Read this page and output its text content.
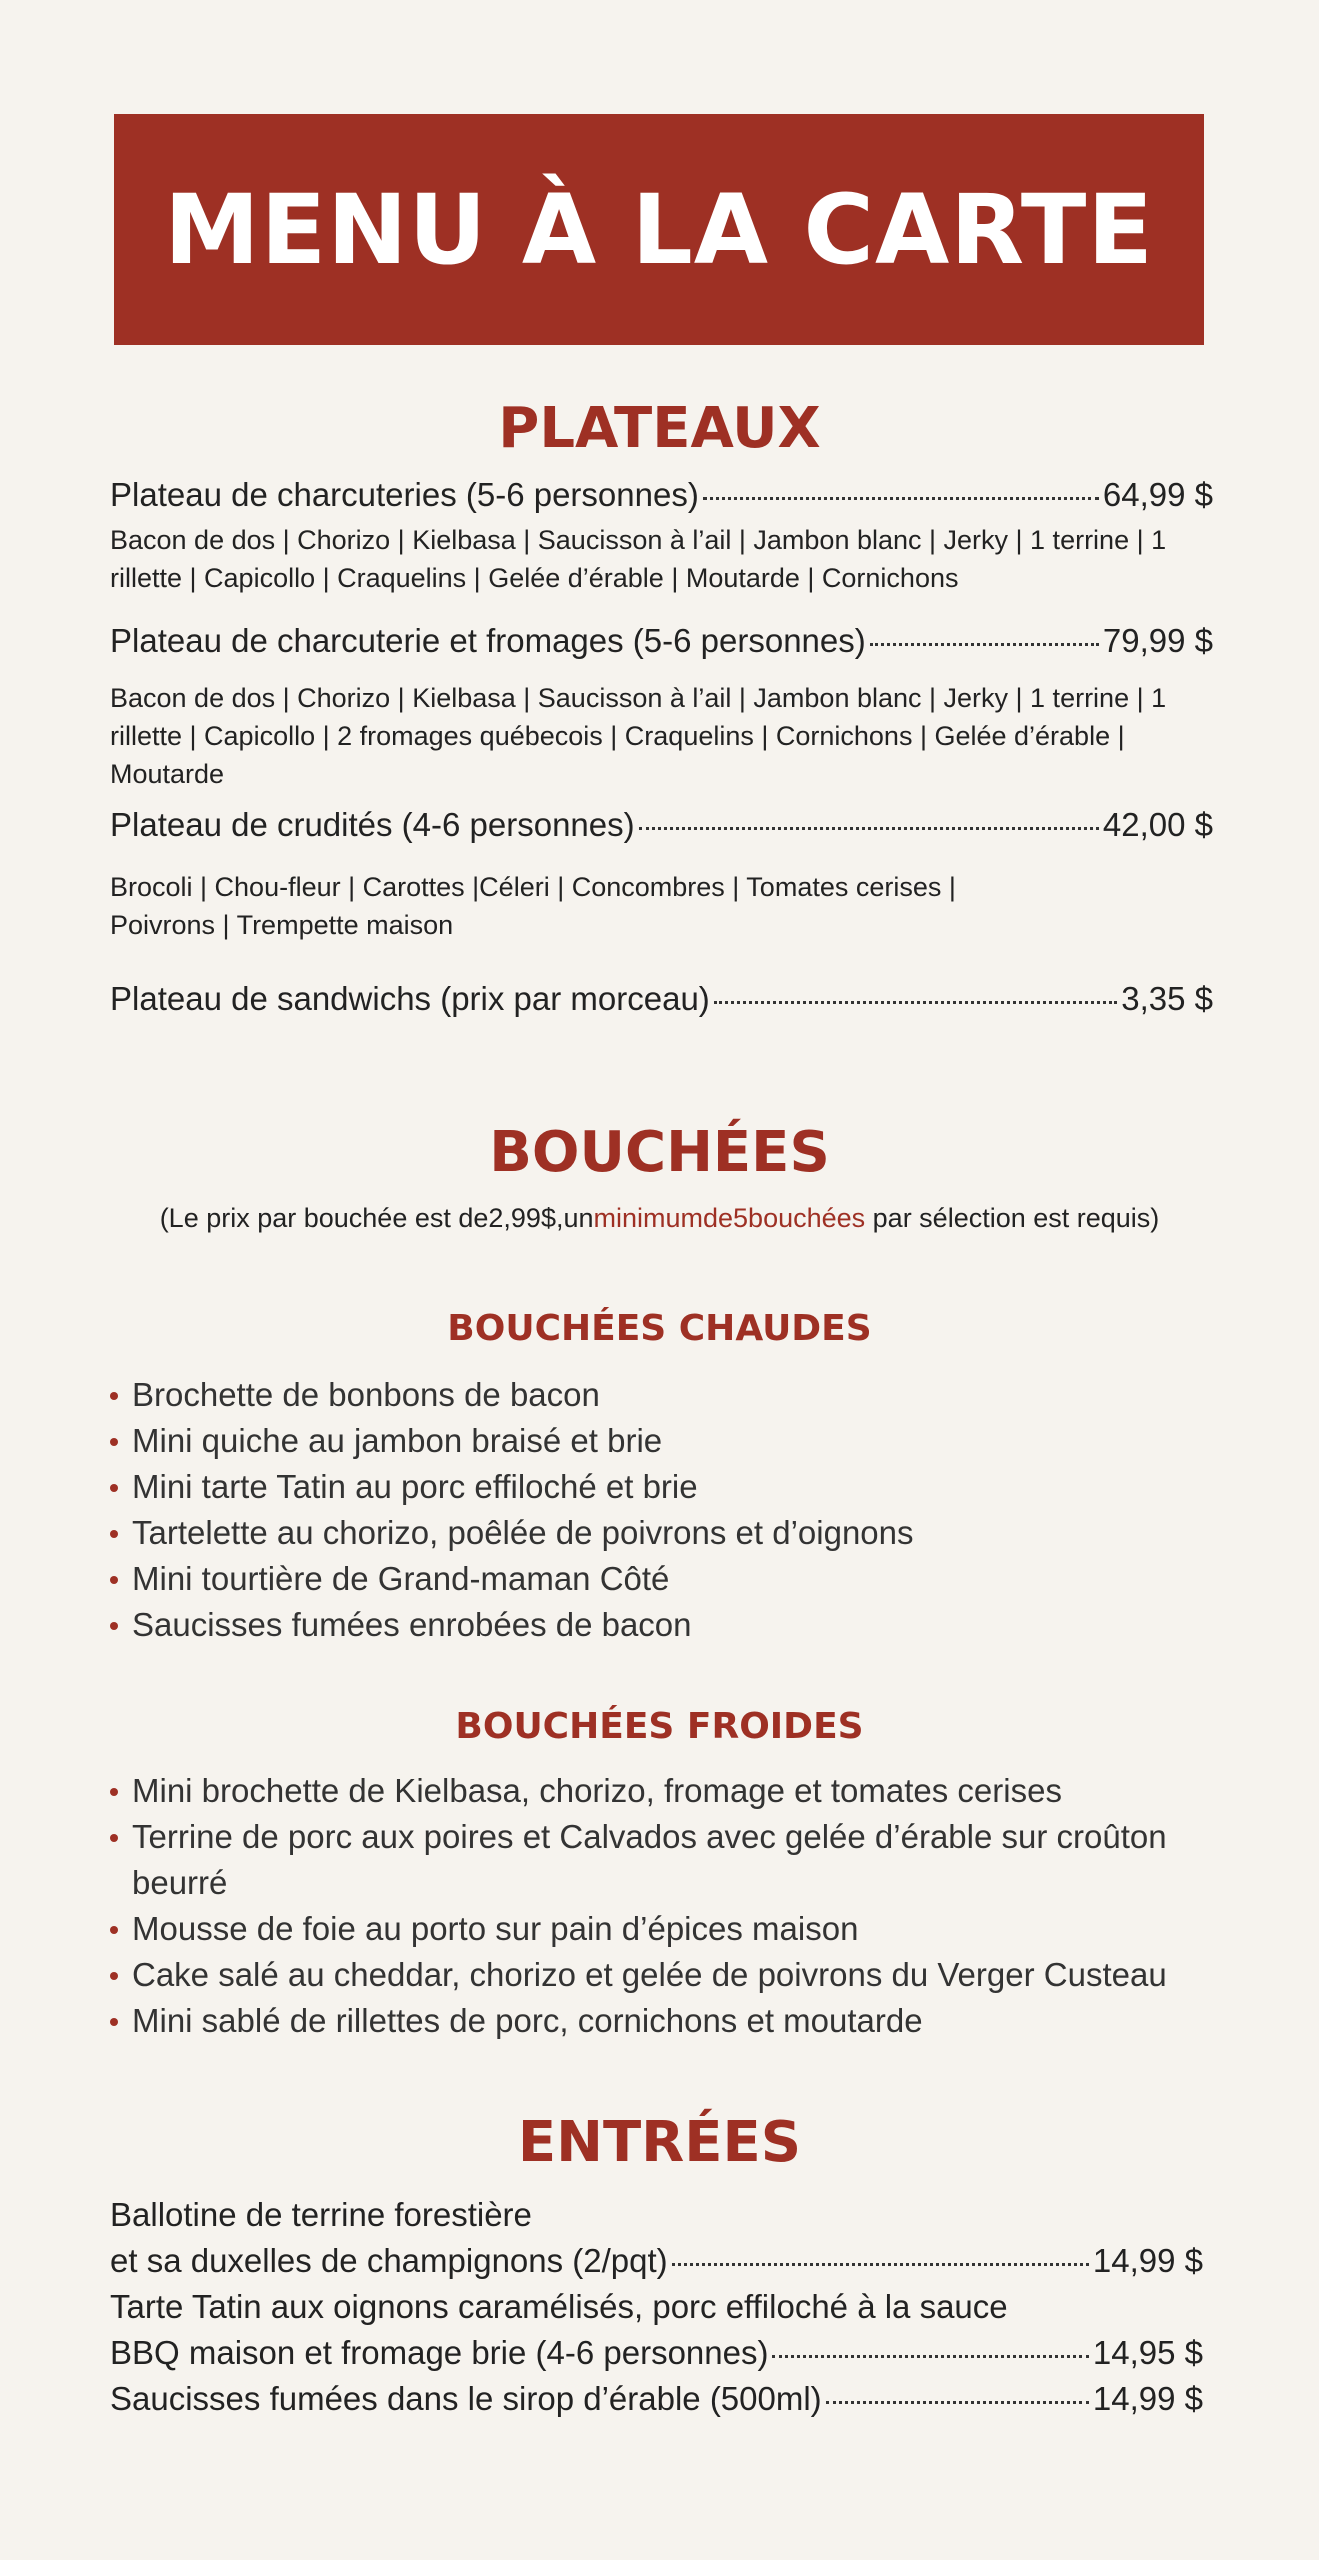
MENU À LA CARTE
PLATEAUX
Plateau de charcuteries (5-6 personnes)	64,99 $
Bacon de dos | Chorizo | Kielbasa | Saucisson à l’ail | Jambon blanc | Jerky | 1 terrine | 1 rillette | Capicollo | Craquelins | Gelée d’érable | Moutarde | Cornichons
Plateau de charcuterie et fromages (5-6 personnes)	79,99 $
Bacon de dos | Chorizo | Kielbasa | Saucisson à l’ail | Jambon blanc | Jerky | 1 terrine | 1 rillette | Capicollo | 2 fromages québecois | Craquelins | Cornichons | Gelée d’érable | Moutarde
Plateau de crudités (4-6 personnes)	42,00 $
Brocoli | Chou-fleur | Carottes |Céleri | Concombres | Tomates cerises | Poivrons | Trempette maison
Plateau de sandwichs (prix par morceau)	3,35 $
BOUCHÉES
(Le prix par bouchée est de2,99$,unminimumde5bouchées par sélection est requis)
BOUCHÉES CHAUDES
Brochette de bonbons de bacon
Mini quiche au jambon braisé et brie
Mini tarte Tatin au porc effiloché et brie
Tartelette au chorizo, poêlée de poivrons et d’oignons
Mini tourtière de Grand-maman Côté
Saucisses fumées enrobées de bacon
BOUCHÉES FROIDES
Mini brochette de Kielbasa, chorizo, fromage et tomates cerises
Terrine de porc aux poires et Calvados avec gelée d’érable sur croûton beurré
Mousse de foie au porto sur pain d’épices maison
Cake salé au cheddar, chorizo et gelée de poivrons du Verger Custeau
Mini sablé de rillettes de porc, cornichons et moutarde
ENTRÉES
Ballotine de terrine forestière
et sa duxelles de champignons (2/pqt)	14,99 $
Tarte Tatin aux oignons caramélisés, porc effiloché à la sauce
BBQ maison et fromage brie (4-6 personnes)	14,95 $
Saucisses fumées dans le sirop d’érable (500ml)	14,99 $
